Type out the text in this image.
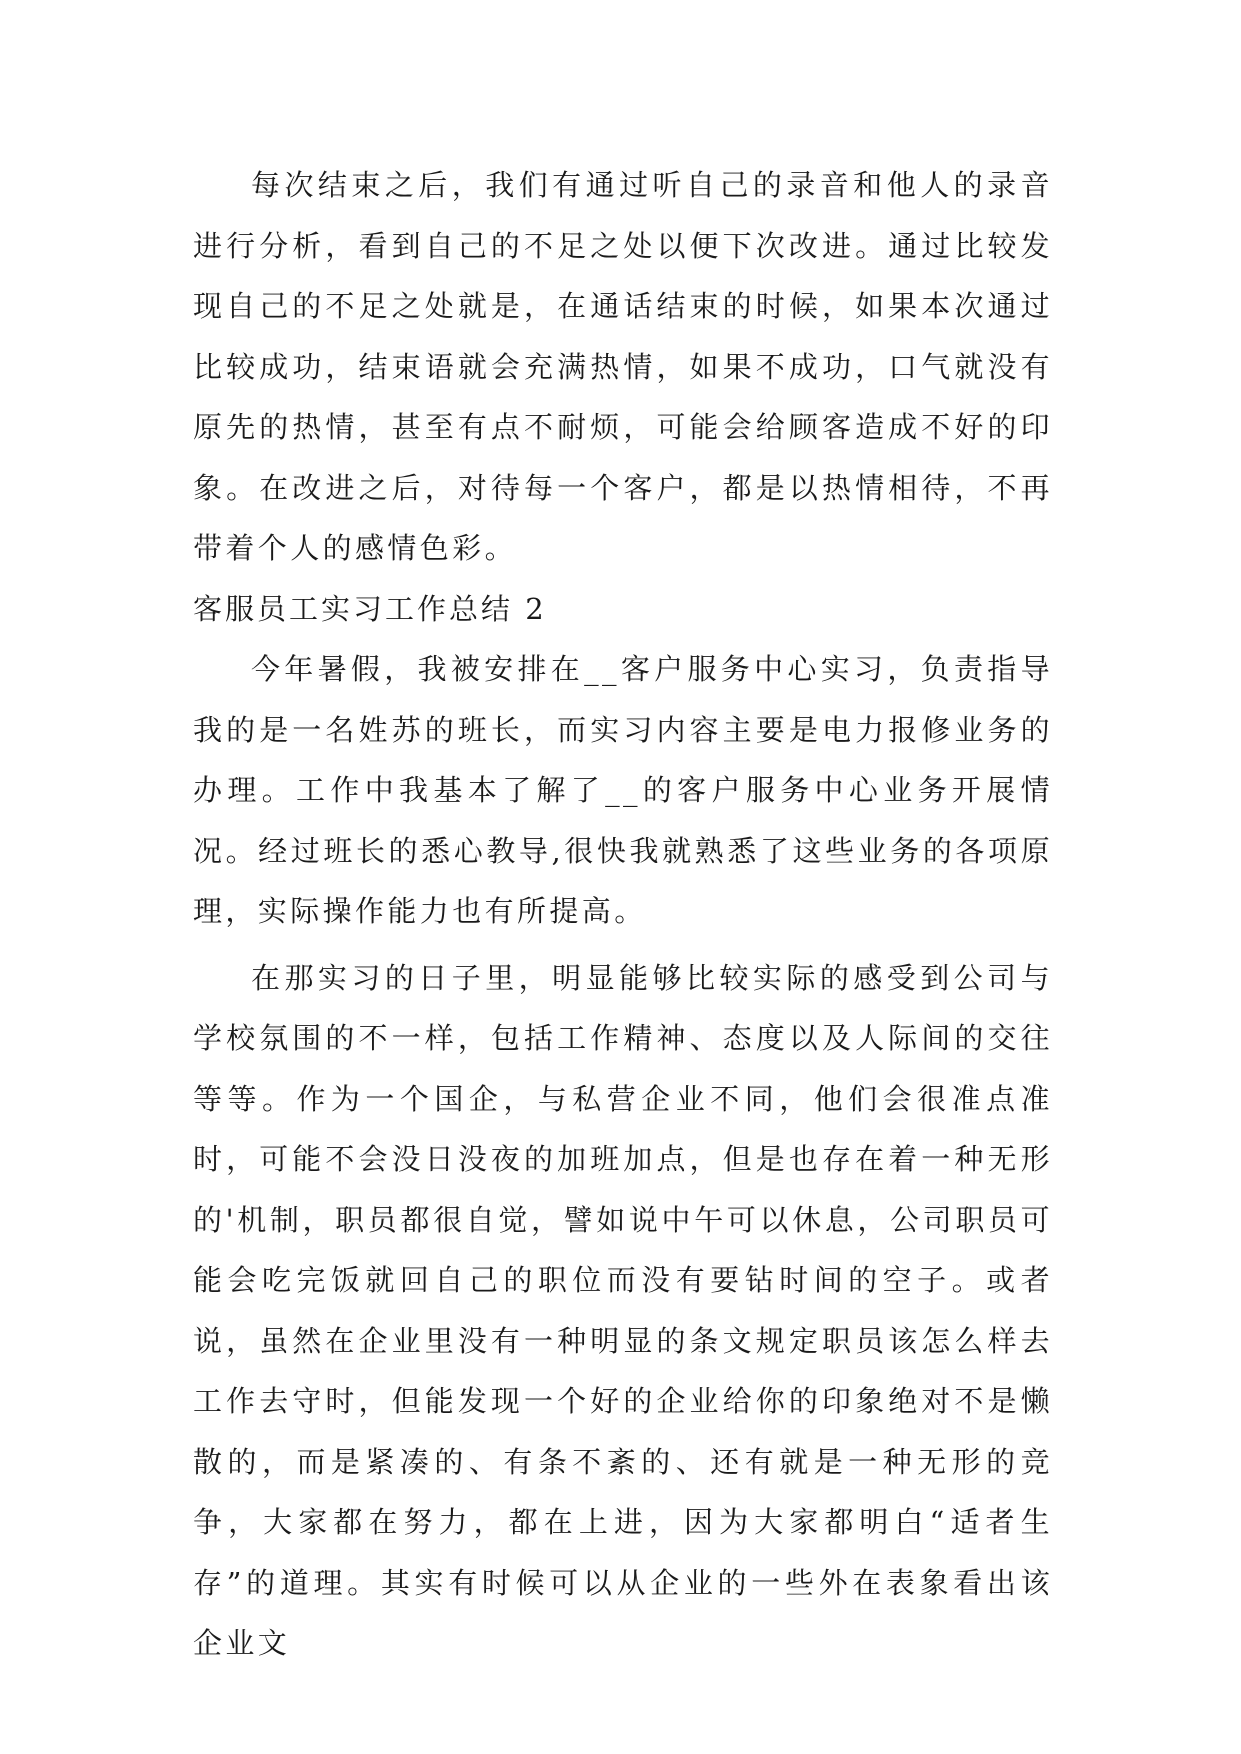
每次结束之后，我们有通过听自己的录音和他人的录音进行分析，看到自己的不足之处以便下次改进。通过比较发现自己的不足之处就是，在通话结束的时候，如果本次通过比较成功，结束语就会充满热情，如果不成功，口气就没有原先的热情，甚至有点不耐烦，可能会给顾客造成不好的印象。在改进之后，对待每一个客户，都是以热情相待，不再带着个人的感情色彩。

客服员工实习工作总结 2

今年暑假，我被安排在__客户服务中心实习，负责指导我的是一名姓苏的班长，而实习内容主要是电力报修业务的办理。工作中我基本了解了__的客户服务中心业务开展情况。经过班长的悉心教导,很快我就熟悉了这些业务的各项原理，实际操作能力也有所提高。

在那实习的日子里，明显能够比较实际的感受到公司与学校氛围的不一样，包括工作精神、态度以及人际间的交往等等。作为一个国企，与私营企业不同，他们会很准点准时，可能不会没日没夜的加班加点，但是也存在着一种无形的'机制，职员都很自觉，譬如说中午可以休息，公司职员可能会吃完饭就回自己的职位而没有要钻时间的空子。或者说，虽然在企业里没有一种明显的条文规定职员该怎么样去工作去守时，但能发现一个好的企业给你的印象绝对不是懒散的，而是紧凑的、有条不紊的、还有就是一种无形的竞争，大家都在努力，都在上进，因为大家都明白“适者生存”的道理。其实有时候可以从企业的一些外在表象看出该企业文
